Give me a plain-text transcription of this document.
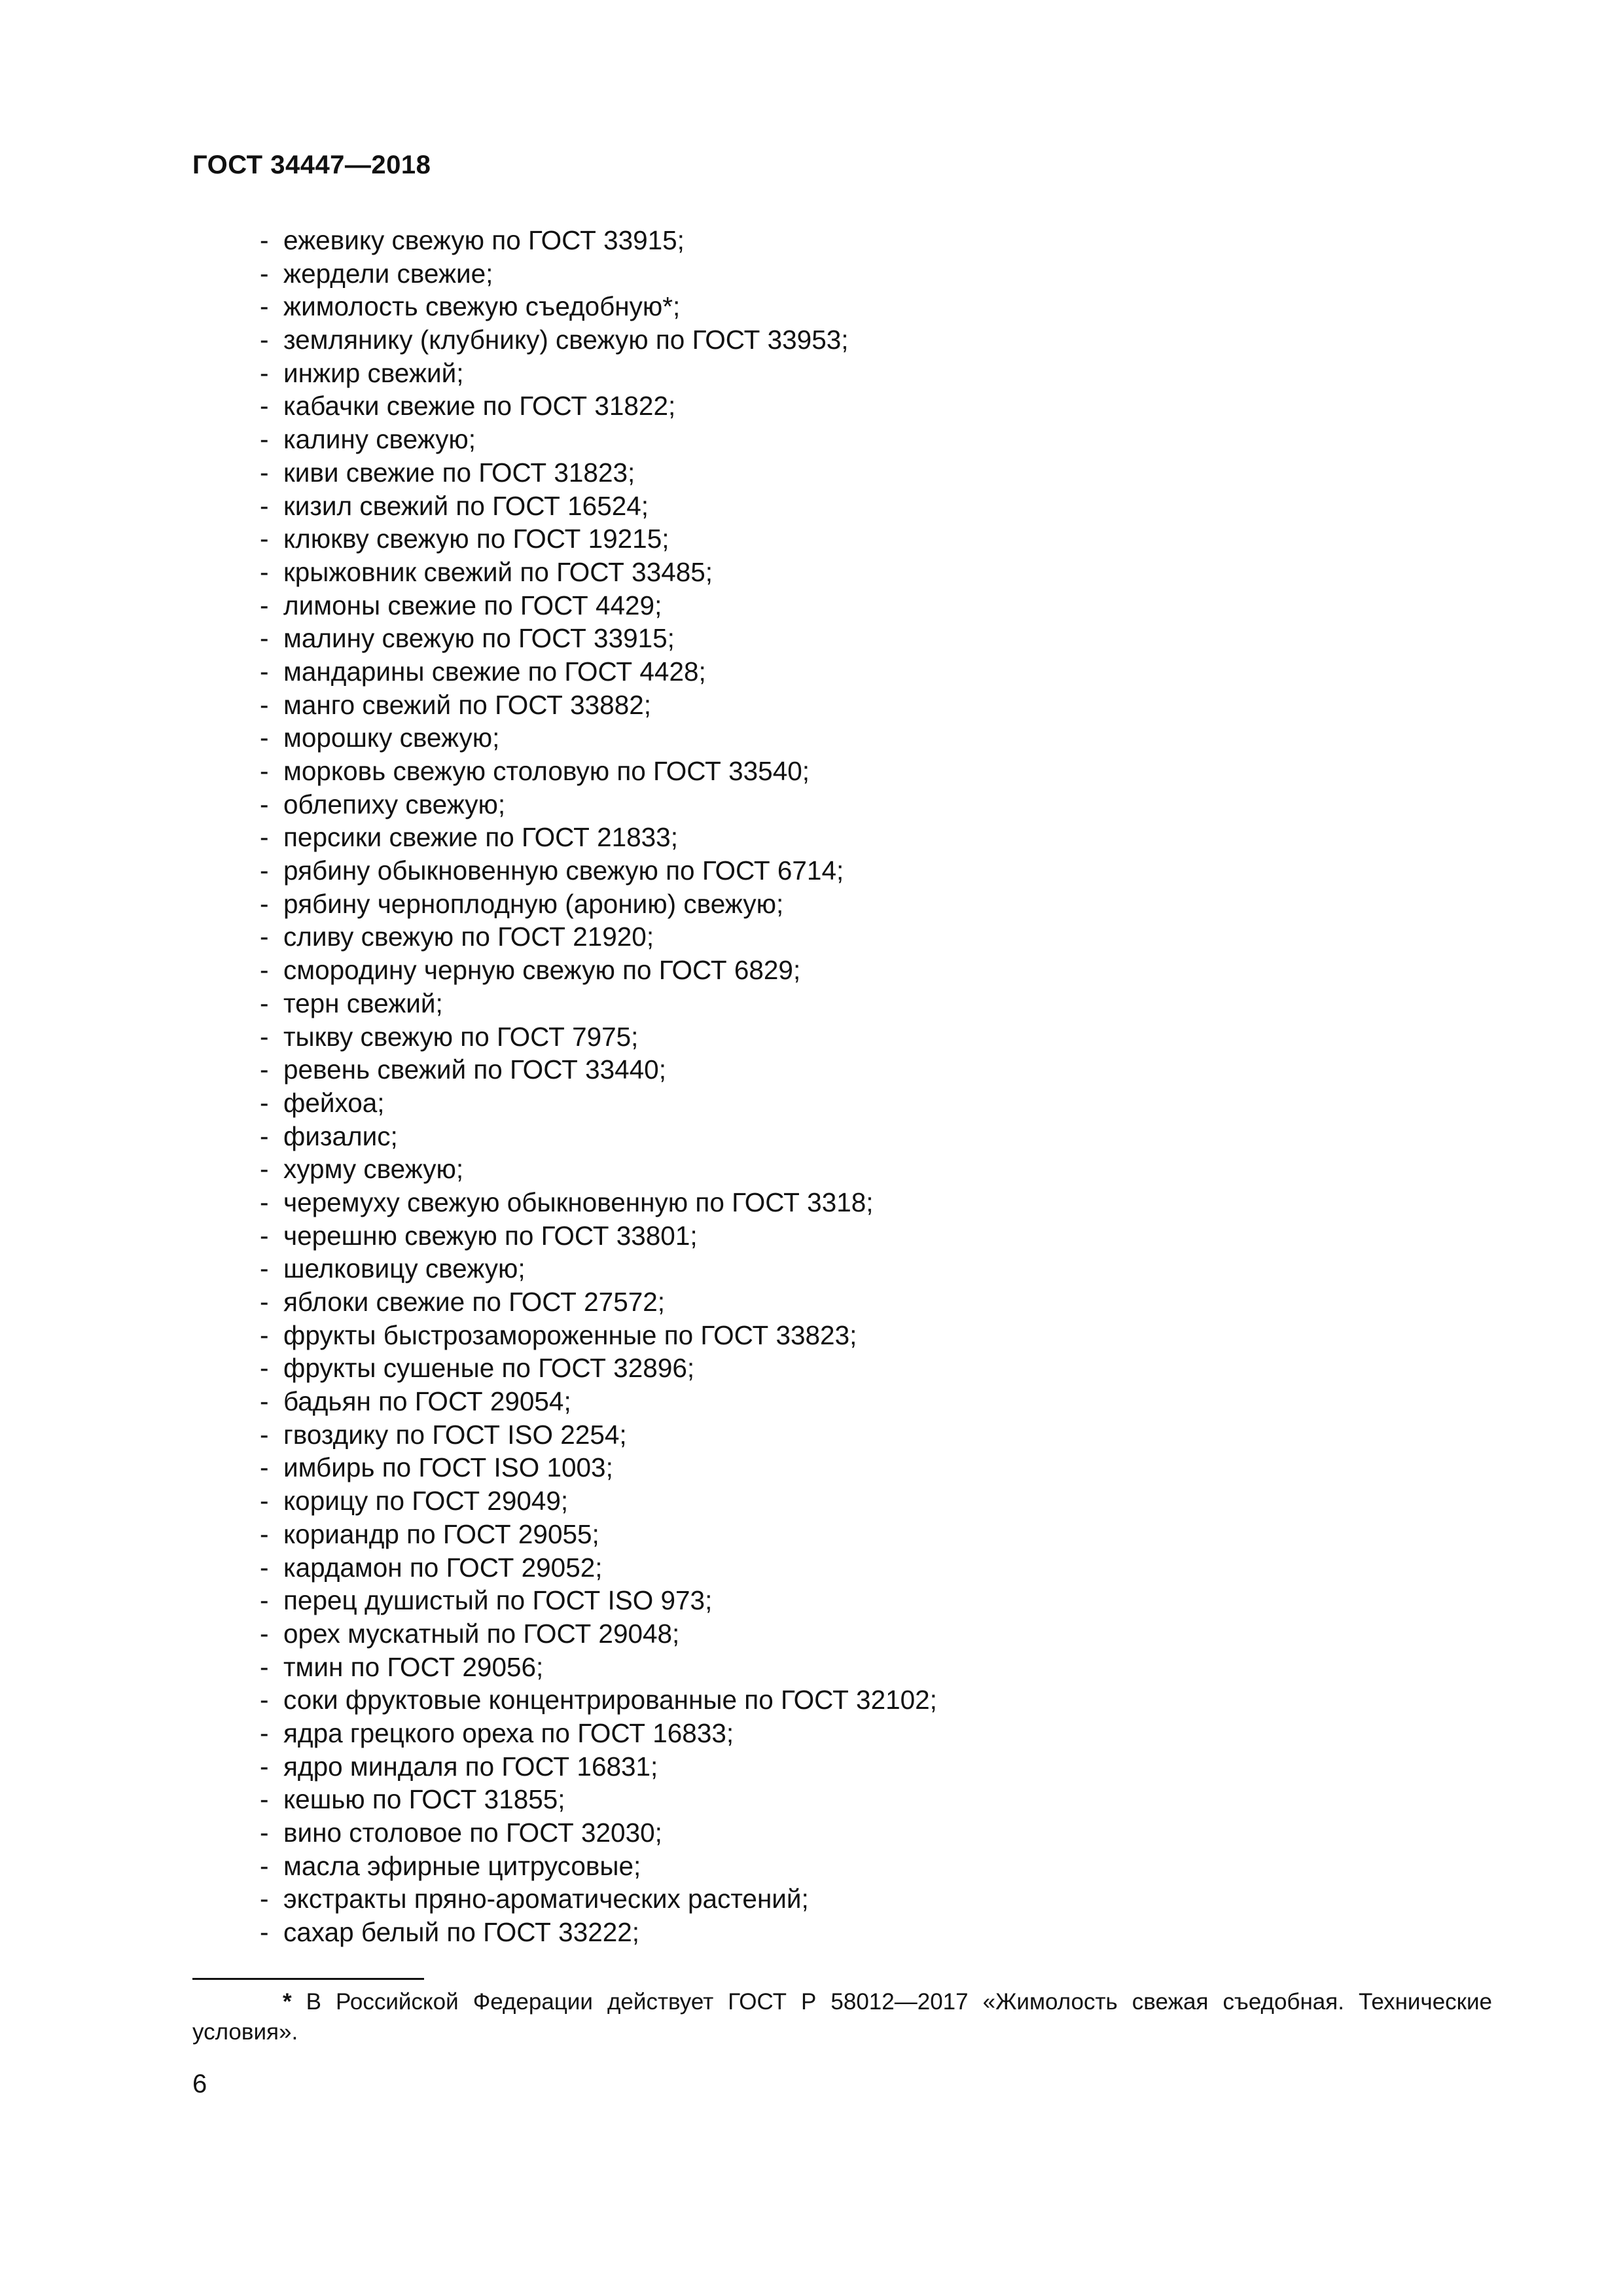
ГОСТ 34447—2018
- ежевику свежую по ГОСТ 33915;
- жердели свежие;
- жимолость свежую съедобную*;
- землянику (клубнику) свежую по ГОСТ 33953;
- инжир свежий;
- кабачки свежие по ГОСТ 31822;
- калину свежую;
- киви свежие по ГОСТ 31823;
- кизил свежий по ГОСТ 16524;
- клюкву свежую по ГОСТ 19215;
- крыжовник свежий по ГОСТ 33485;
- лимоны свежие по ГОСТ 4429;
- малину свежую по ГОСТ 33915;
- мандарины свежие по ГОСТ 4428;
- манго свежий по ГОСТ 33882;
- морошку свежую;
- морковь свежую столовую по ГОСТ 33540;
- облепиху свежую;
- персики свежие по ГОСТ 21833;
- рябину обыкновенную свежую по ГОСТ 6714;
- рябину черноплодную (аронию) свежую;
- сливу свежую по ГОСТ 21920;
- смородину черную свежую по ГОСТ 6829;
- терн свежий;
- тыкву свежую по ГОСТ 7975;
- ревень свежий по ГОСТ 33440;
- фейхоа;
- физалис;
- хурму свежую;
- черемуху свежую обыкновенную по ГОСТ 3318;
- черешню свежую по ГОСТ 33801;
- шелковицу свежую;
- яблоки свежие по ГОСТ 27572;
- фрукты быстрозамороженные по ГОСТ 33823;
- фрукты сушеные по ГОСТ 32896;
- бадьян по ГОСТ 29054;
- гвоздику по ГОСТ ISO 2254;
- имбирь по ГОСТ ISO 1003;
- корицу по ГОСТ 29049;
- кориандр по ГОСТ 29055;
- кардамон по ГОСТ 29052;
- перец душистый по ГОСТ ISO 973;
- орех мускатный по ГОСТ 29048;
- тмин по ГОСТ 29056;
- соки фруктовые концентрированные по ГОСТ 32102;
- ядра грецкого ореха по ГОСТ 16833;
- ядро миндаля по ГОСТ 16831;
- кешью по ГОСТ 31855;
- вино столовое по ГОСТ 32030;
- масла эфирные цитрусовые;
- экстракты пряно-ароматических растений;
- сахар белый по ГОСТ 33222;
* В Российской Федерации действует ГОСТ Р 58012—2017 «Жимолость свежая съедобная. Технические
условия».
6
